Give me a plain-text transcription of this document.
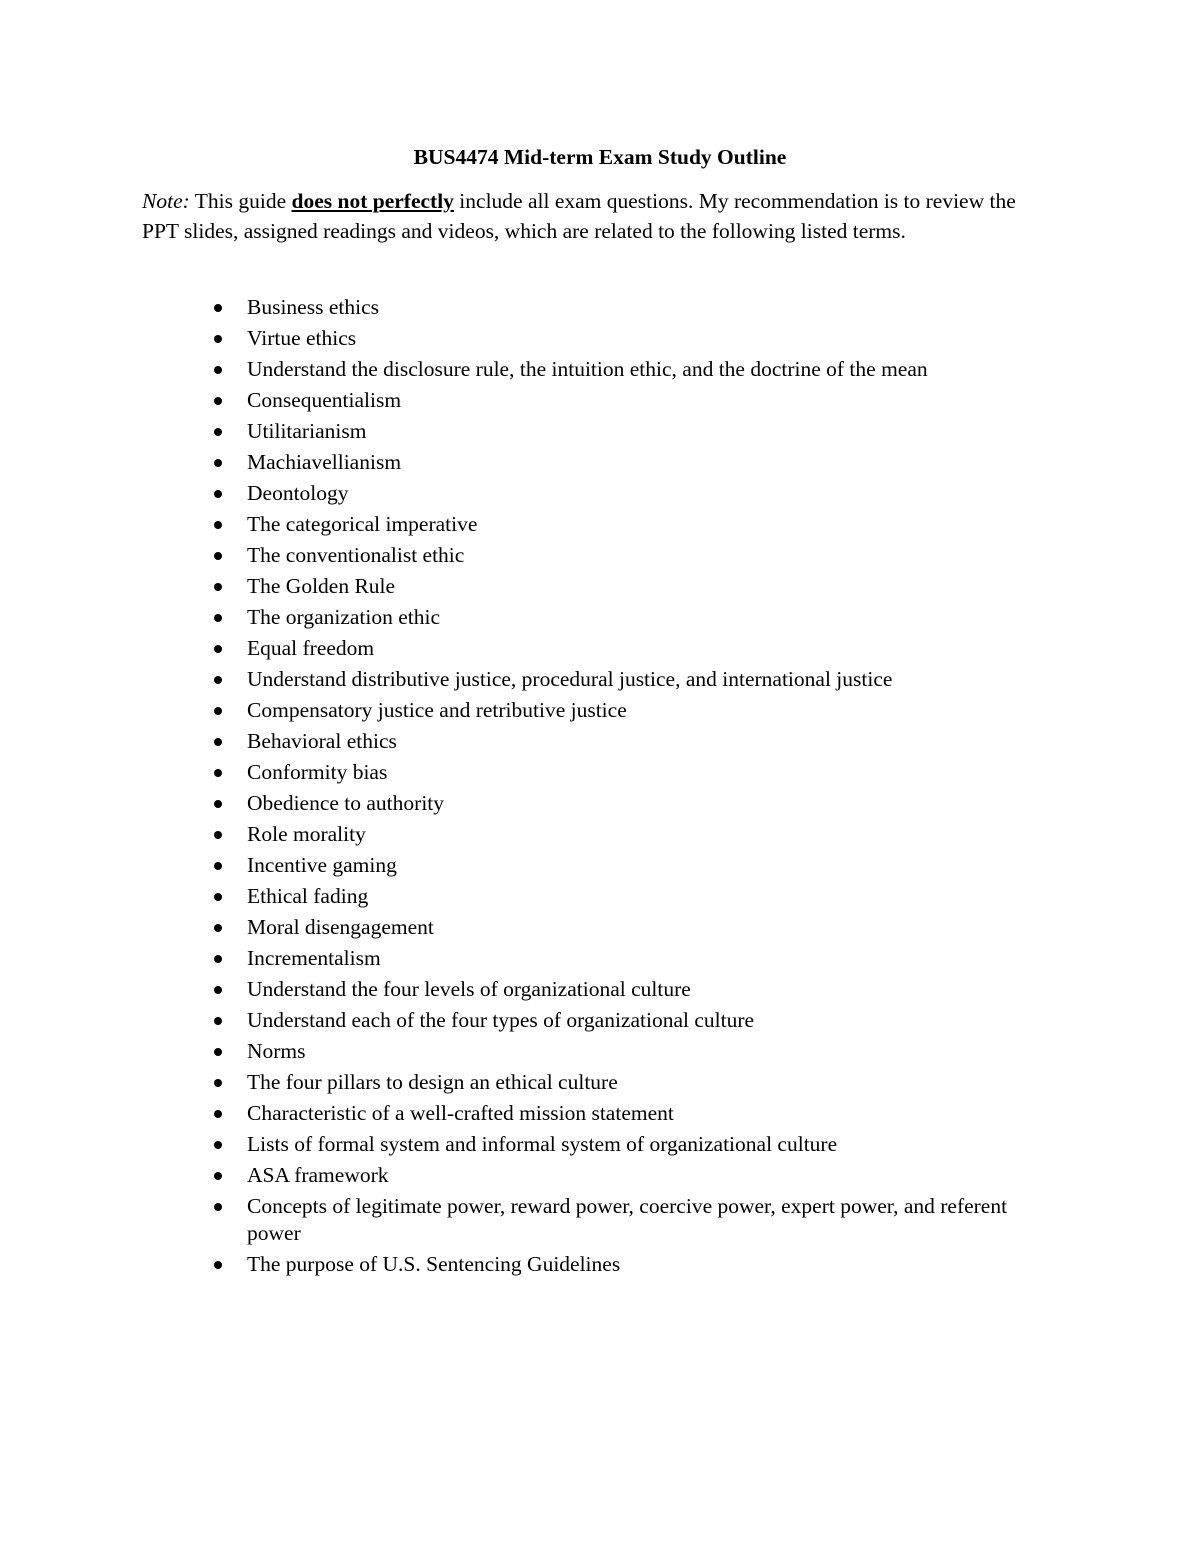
BUS4474 Mid-term Exam Study Outline

Note: This guide does not perfectly include all exam questions. My recommendation is to review the PPT slides, assigned readings and videos, which are related to the following listed terms.

Business ethics
Virtue ethics
Understand the disclosure rule, the intuition ethic, and the doctrine of the mean
Consequentialism
Utilitarianism
Machiavellianism
Deontology
The categorical imperative
The conventionalist ethic
The Golden Rule
The organization ethic
Equal freedom
Understand distributive justice, procedural justice, and international justice
Compensatory justice and retributive justice
Behavioral ethics
Conformity bias
Obedience to authority
Role morality
Incentive gaming
Ethical fading
Moral disengagement
Incrementalism
Understand the four levels of organizational culture
Understand each of the four types of organizational culture
Norms
The four pillars to design an ethical culture
Characteristic of a well-crafted mission statement
Lists of formal system and informal system of organizational culture
ASA framework
Concepts of legitimate power, reward power, coercive power, expert power, and referent power
The purpose of U.S. Sentencing Guidelines
